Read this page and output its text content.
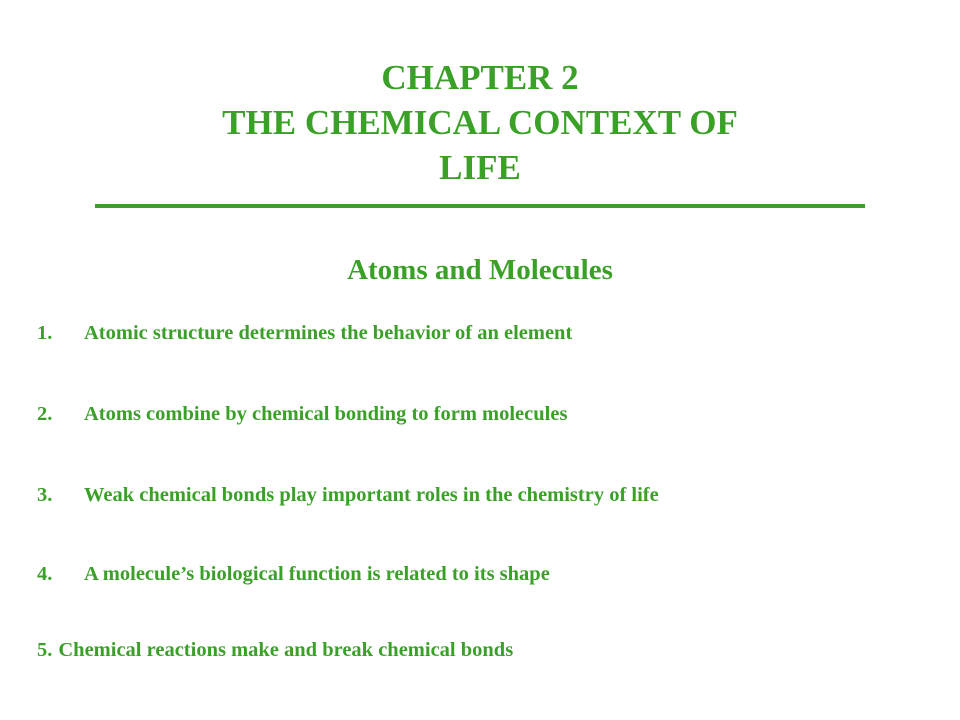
CHAPTER 2
THE CHEMICAL CONTEXT OF
LIFE
Atoms and Molecules
1. Atomic structure determines the behavior of an element
2. Atoms combine by chemical bonding to form molecules
3. Weak chemical bonds play important roles in the chemistry of life
4. A molecule’s biological function is related to its shape
5. Chemical reactions make and break chemical bonds
